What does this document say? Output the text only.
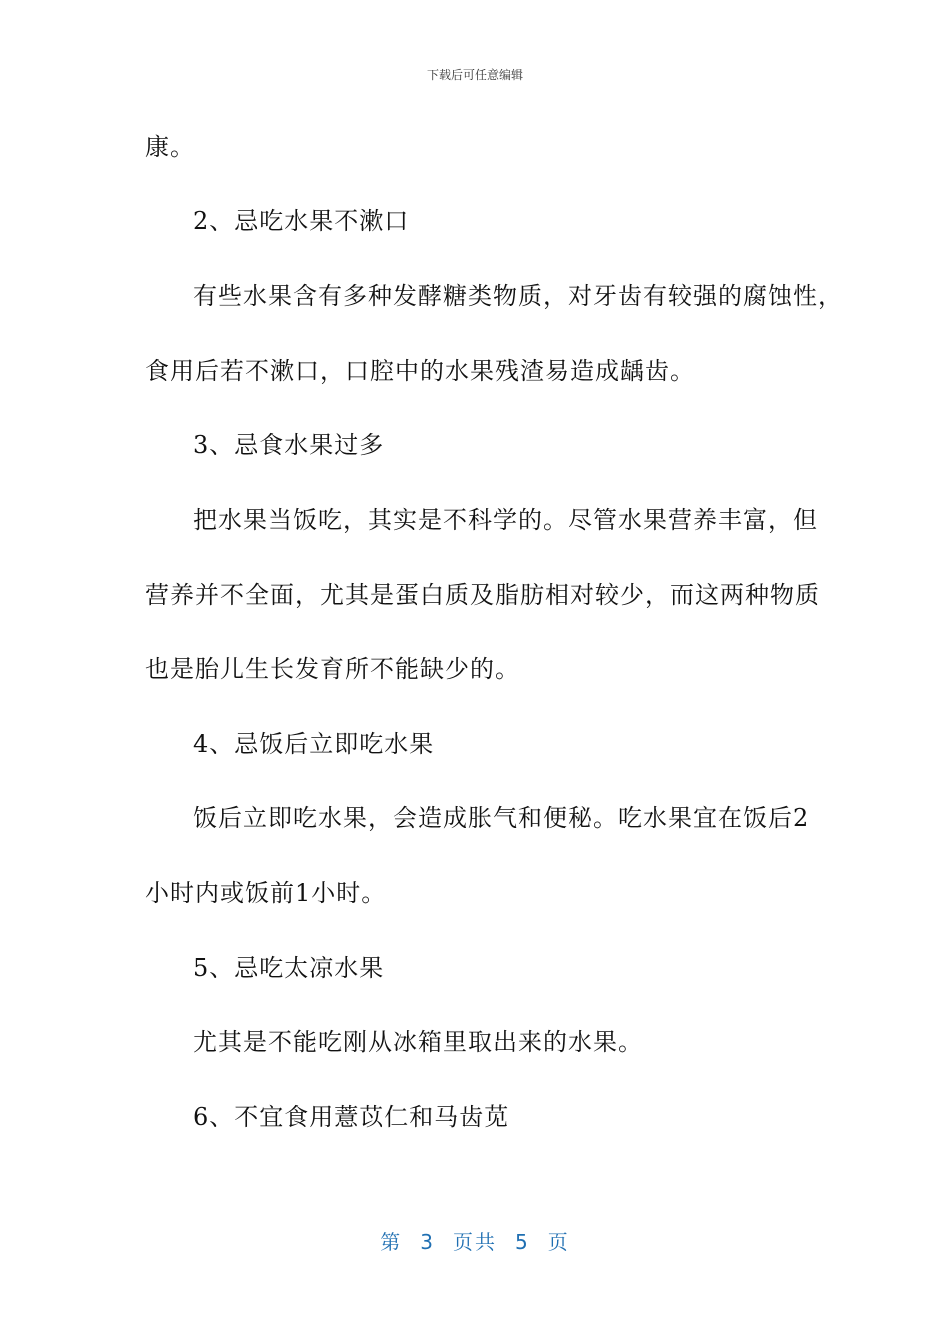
下载后可任意编辑
康。
2、忌吃水果不漱口
有些水果含有多种发酵糖类物质，对牙齿有较强的腐蚀性，
食用后若不漱口，口腔中的水果残渣易造成龋齿。
3、忌食水果过多
把水果当饭吃，其实是不科学的。尽管水果营养丰富，但
营养并不全面，尤其是蛋白质及脂肪相对较少，而这两种物质
也是胎儿生长发育所不能缺少的。
4、忌饭后立即吃水果
饭后立即吃水果，会造成胀气和便秘。吃水果宜在饭后2
小时内或饭前1小时。
5、忌吃太凉水果
尤其是不能吃刚从冰箱里取出来的水果。
6、不宜食用薏苡仁和马齿苋
第 3 页共 5 页
